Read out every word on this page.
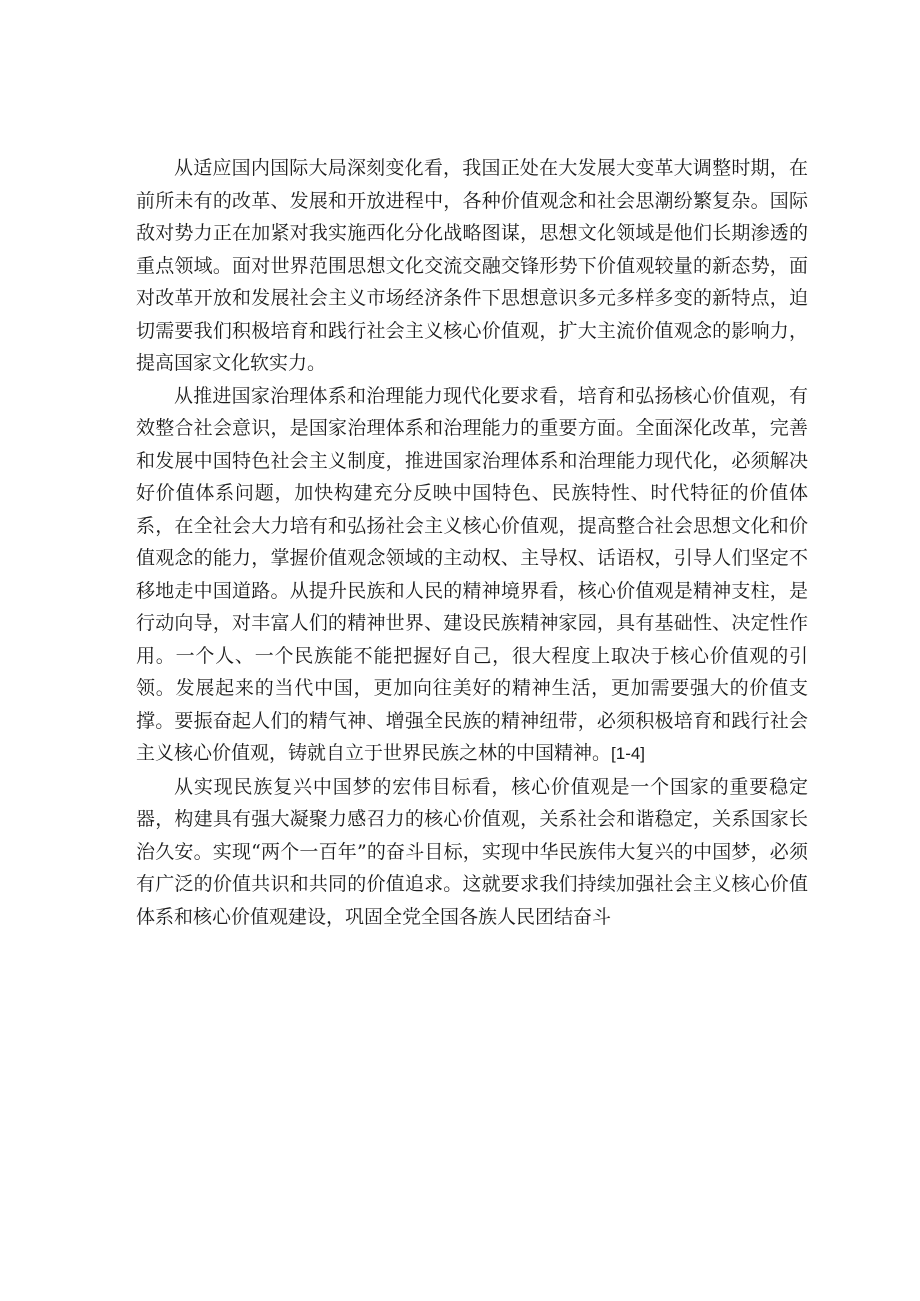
从适应国内国际大局深刻变化看，我国正处在大发展大变革大调整时期，在前所未有的改革、发展和开放进程中，各种价值观念和社会思潮纷繁复杂。国际敌对势力正在加紧对我实施西化分化战略图谋，思想文化领域是他们长期渗透的重点领域。面对世界范围思想文化交流交融交锋形势下价值观较量的新态势，面对改革开放和发展社会主义市场经济条件下思想意识多元多样多变的新特点，迫切需要我们积极培育和践行社会主义核心价值观，扩大主流价值观念的影响力，提高国家文化软实力。

从推进国家治理体系和治理能力现代化要求看，培育和弘扬核心价值观，有效整合社会意识，是国家治理体系和治理能力的重要方面。全面深化改革，完善和发展中国特色社会主义制度，推进国家治理体系和治理能力现代化，必须解决好价值体系问题，加快构建充分反映中国特色、民族特性、时代特征的价值体系，在全社会大力培有和弘扬社会主义核心价值观，提高整合社会思想文化和价值观念的能力，掌握价值观念领域的主动权、主导权、话语权，引导人们坚定不移地走中国道路。从提升民族和人民的精神境界看，核心价值观是精神支柱，是行动向导，对丰富人们的精神世界、建设民族精神家园，具有基础性、决定性作用。一个人、一个民族能不能把握好自己，很大程度上取决于核心价值观的引领。发展起来的当代中国，更加向往美好的精神生活，更加需要强大的价值支撑。要振奋起人们的精气神、增强全民族的精神纽带，必须积极培育和践行社会主义核心价值观，铸就自立于世界民族之林的中国精神。[1-4]

从实现民族复兴中国梦的宏伟目标看，核心价值观是一个国家的重要稳定器，构建具有强大凝聚力感召力的核心价值观，关系社会和谐稳定，关系国家长治久安。实现“两个一百年”的奋斗目标，实现中华民族伟大复兴的中国梦，必须有广泛的价值共识和共同的价值追求。这就要求我们持续加强社会主义核心价值体系和核心价值观建设，巩固全党全国各族人民团结奋斗
